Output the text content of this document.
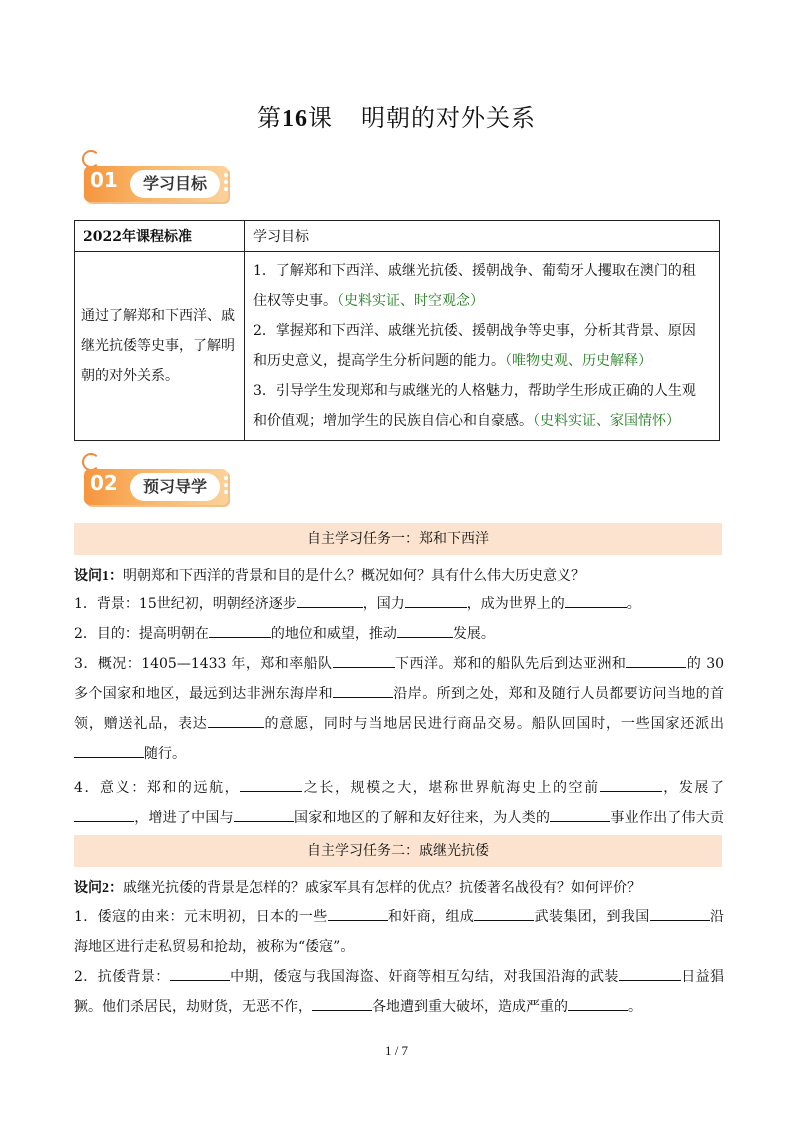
第16课 明朝的对外关系
01	学习目标
2022年课程标准	学习目标
通过了解郑和下西洋、戚继光抗倭等史事，了解明朝的对外关系。	1．了解郑和下西洋、戚继光抗倭、援朝战争、葡萄牙人攫取在澳门的租住权等史事。（史料实证、时空观念）

2．掌握郑和下西洋、戚继光抗倭、援朝战争等史事，分析其背景、原因和历史意义，提高学生分析问题的能力。（唯物史观、历史解释）

3．引导学生发现郑和与戚继光的人格魅力，帮助学生形成正确的人生观和价值观；增加学生的民族自信心和自豪感。（史料实证、家国情怀）

02	预习导学
自主学习任务一：郑和下西洋
设问1：明朝郑和下西洋的背景和目的是什么？概况如何？具有什么伟大历史意义？

1．背景：15世纪初，明朝经济逐步	，国力	，成为世界上的	。

2．目的：提高明朝在	的地位和威望，推动	发展。

3．概况：1405—1433 年，郑和率船队	下西洋。郑和的船队先后到达亚洲和	的 30 多个国家和地区，最远到达非洲东海岸和	沿岸。所到之处，郑和及随行人员都要访问当地的首领，赠送礼品，表达	的意愿，同时与当地居民进行商品交易。船队回国时，一些国家还派出随行。

4．意义：郑和的远航，	之长，规模之大，堪称世界航海史上的空前	，发展了，增进了中国与	国家和地区的了解和友好往来，为人类的	事业作出了伟大贡

自主学习任务二：戚继光抗倭
设问2：戚继光抗倭的背景是怎样的？戚家军具有怎样的优点？抗倭著名战役有？如何评价？

1．倭寇的由来：元末明初，日本的一些	和奸商，组成	武装集团，到我国	沿海地区进行走私贸易和抢劫，被称为“倭寇”。

2．抗倭背景：	中期，倭寇与我国海盗、奸商等相互勾结，对我国沿海的武装	日益猖獗。他们杀居民，劫财货，无恶不作，	各地遭到重大破坏，造成严重的	。

1 / 7
